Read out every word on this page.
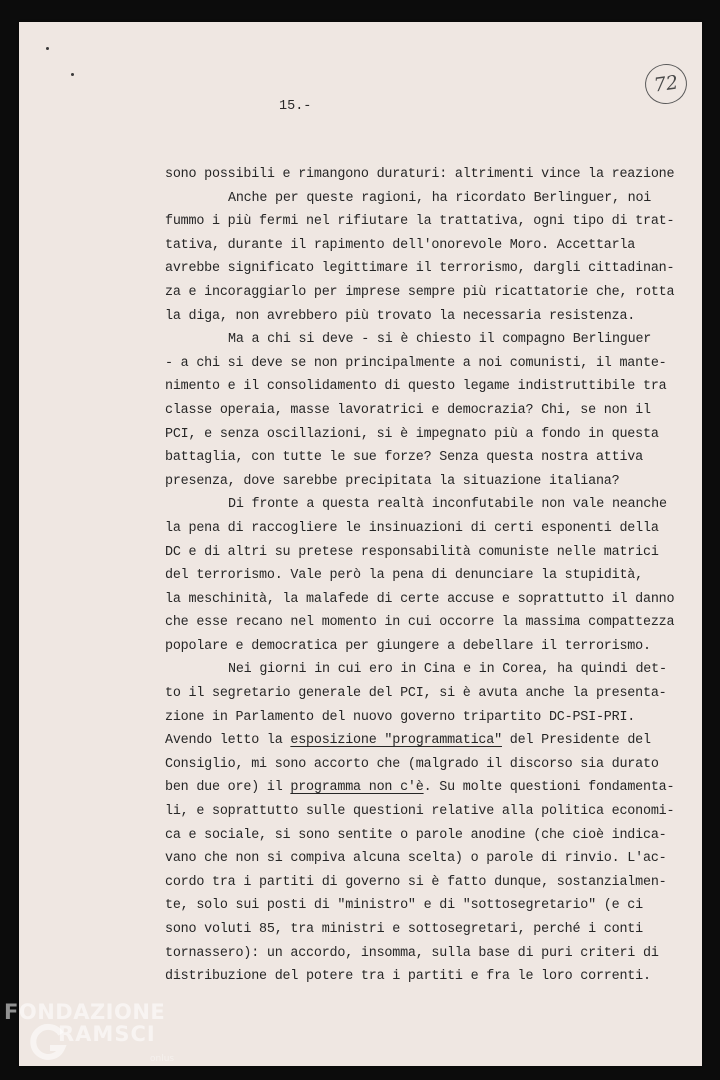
72
15.-
sono possibili e rimangono duraturi: altrimenti vince la reazione
Anche per queste ragioni, ha ricordato Berlinguer, noi
fummo i più fermi nel rifiutare la trattativa, ogni tipo di trat-
tativa, durante il rapimento dell'onorevole Moro. Accettarla
avrebbe significato legittimare il terrorismo, dargli cittadinan-
za e incoraggiarlo per imprese sempre più ricattatorie che, rotta
la diga, non avrebbero più trovato la necessaria resistenza.
Ma a chi si deve - si è chiesto il compagno Berlinguer
- a chi si deve se non principalmente a noi comunisti, il mante-
nimento e il consolidamento di questo legame indistruttibile tra
classe operaia, masse lavoratrici e democrazia? Chi, se non il
PCI, e senza oscillazioni, si è impegnato più a fondo in questa
battaglia, con tutte le sue forze? Senza questa nostra attiva
presenza, dove sarebbe precipitata la situazione italiana?
Di fronte a questa realtà inconfutabile non vale neanche
la pena di raccogliere le insinuazioni di certi esponenti della
DC e di altri su pretese responsabilità comuniste nelle matrici
del terrorismo. Vale però la pena di denunciare la stupidità,
la meschinità, la malafede di certe accuse e soprattutto il danno
che esse recano nel momento in cui occorre la massima compattezza
popolare e democratica per giungere a debellare il terrorismo.
Nei giorni in cui ero in Cina e in Corea, ha quindi det-
to il segretario generale del PCI, si è avuta anche la presenta-
zione in Parlamento del nuovo governo tripartito DC-PSI-PRI.
Avendo letto la esposizione "programmatica" del Presidente del
Consiglio, mi sono accorto che (malgrado il discorso sia durato
ben due ore) il programma non c'è. Su molte questioni fondamenta-
li, e soprattutto sulle questioni relative alla politica economi-
ca e sociale, si sono sentite o parole anodine (che cioè indica-
vano che non si compiva alcuna scelta) o parole di rinvio. L'ac-
cordo tra i partiti di governo si è fatto dunque, sostanzialmen-
te, solo sui posti di "ministro" e di "sottosegretario" (e ci
sono voluti 85, tra ministri e sottosegretari, perché i conti
tornassero): un accordo, insomma, sulla base di puri criteri di
distribuzione del potere tra i partiti e fra le loro correnti.
FONDAZIONE
RAMSCI
onlus
